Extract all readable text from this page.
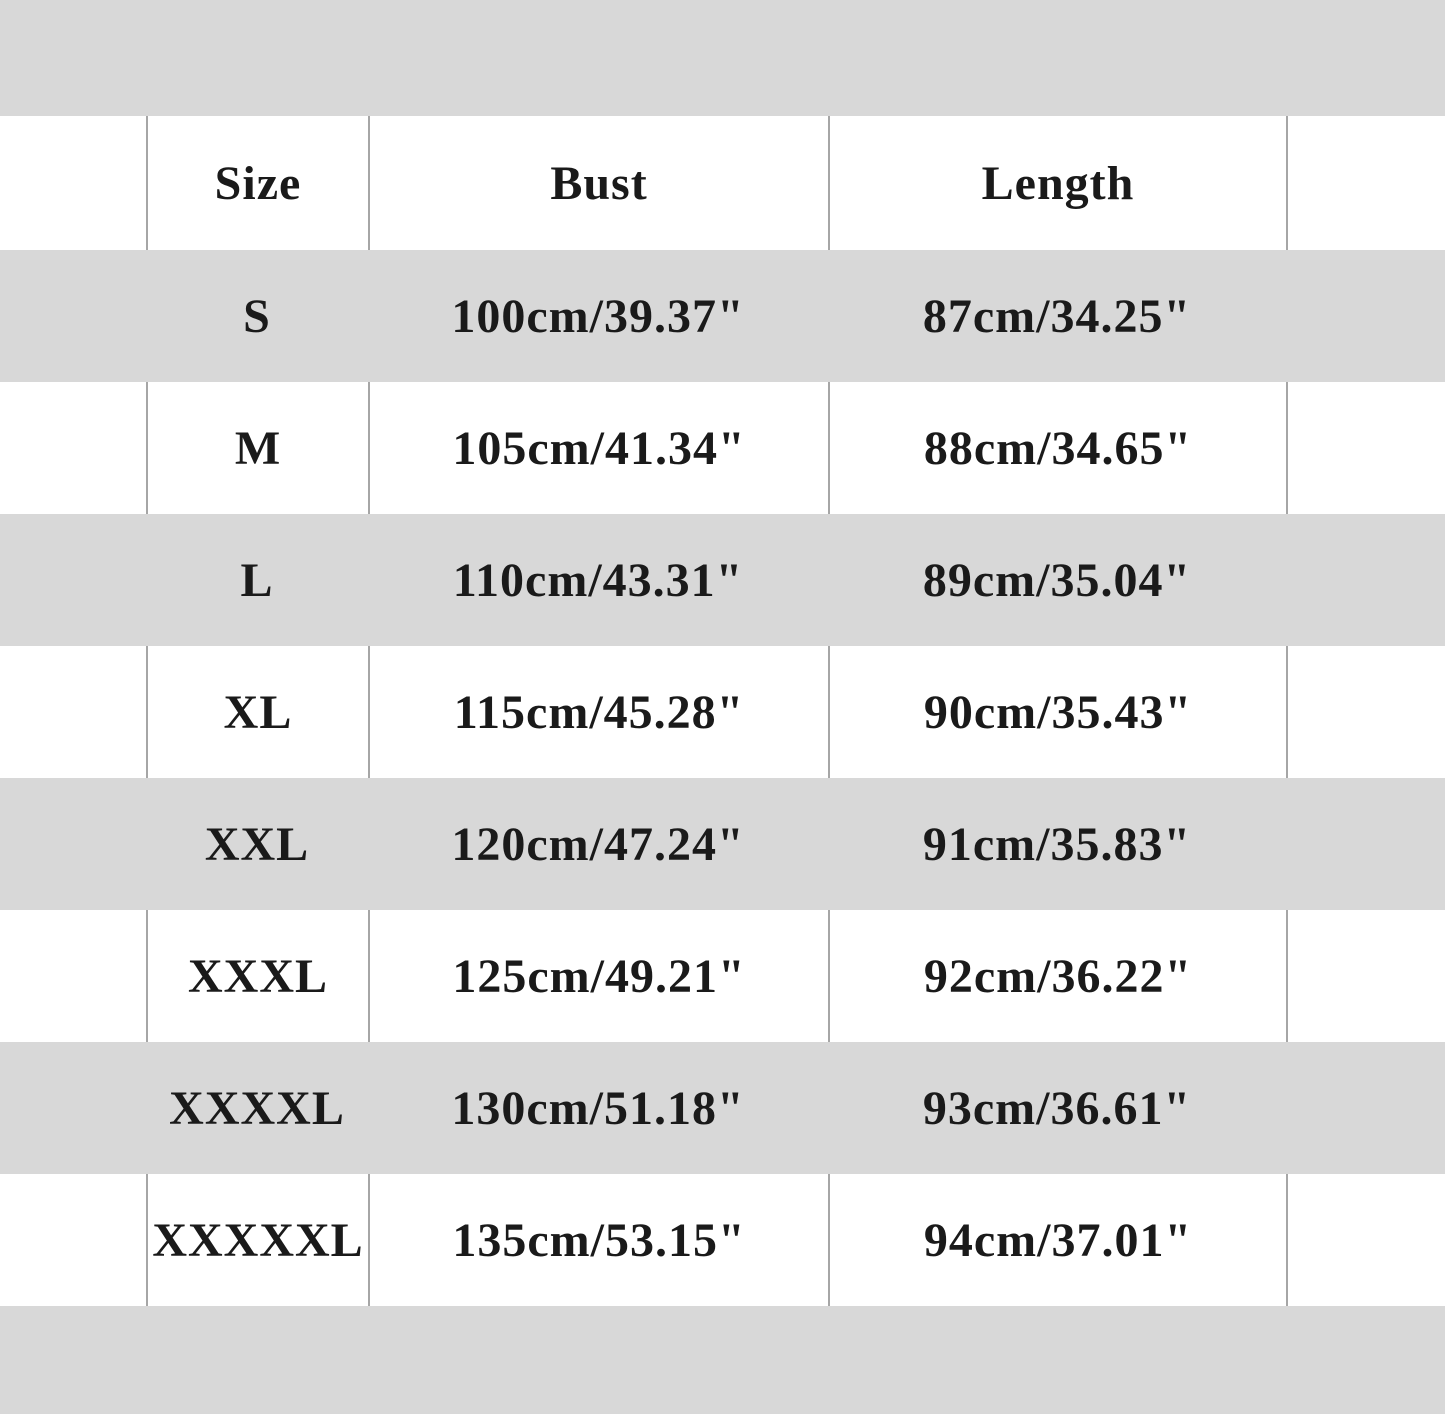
Size	Bust	Length
S	100cm/39.37"	87cm/34.25"
M	105cm/41.34"	88cm/34.65"
L	110cm/43.31"	89cm/35.04"
XL	115cm/45.28"	90cm/35.43"
XXL	120cm/47.24"	91cm/35.83"
XXXL	125cm/49.21"	92cm/36.22"
XXXXL	130cm/51.18"	93cm/36.61"
XXXXXL	135cm/53.15"	94cm/37.01"
